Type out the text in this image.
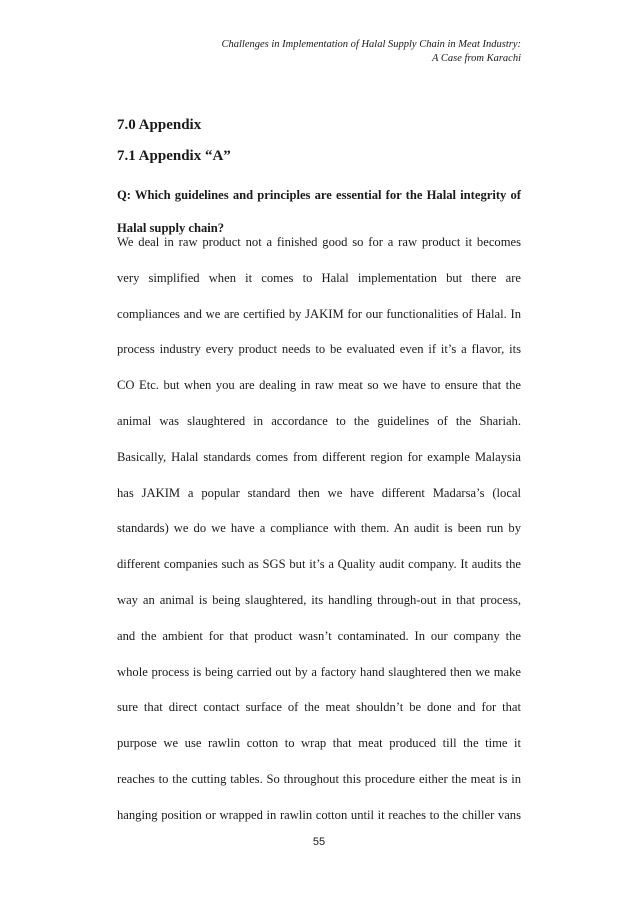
Challenges in Implementation of Halal Supply Chain in Meat Industry:
A Case from Karachi
7.0 Appendix
7.1 Appendix “A”
Q: Which guidelines and principles are essential for the Halal integrity of
Halal supply chain?
We deal in raw product not a finished good so for a raw product it becomes
very simplified when it comes to Halal implementation but there are
compliances and we are certified by JAKIM for our functionalities of Halal. In
process industry every product needs to be evaluated even if it’s a flavor, its
CO Etc. but when you are dealing in raw meat so we have to ensure that the
animal was slaughtered in accordance to the guidelines of the Shariah.
Basically, Halal standards comes from different region for example Malaysia
has JAKIM a popular standard then we have different Madarsa’s (local
standards) we do we have a compliance with them. An audit is been run by
different companies such as SGS but it’s a Quality audit company. It audits the
way an animal is being slaughtered, its handling through-out in that process,
and the ambient for that product wasn’t contaminated. In our company the
whole process is being carried out by a factory hand slaughtered then we make
sure that direct contact surface of the meat shouldn’t be done and for that
purpose we use rawlin cotton to wrap that meat produced till the time it
reaches to the cutting tables. So throughout this procedure either the meat is in
hanging position or wrapped in rawlin cotton until it reaches to the chiller vans
55
